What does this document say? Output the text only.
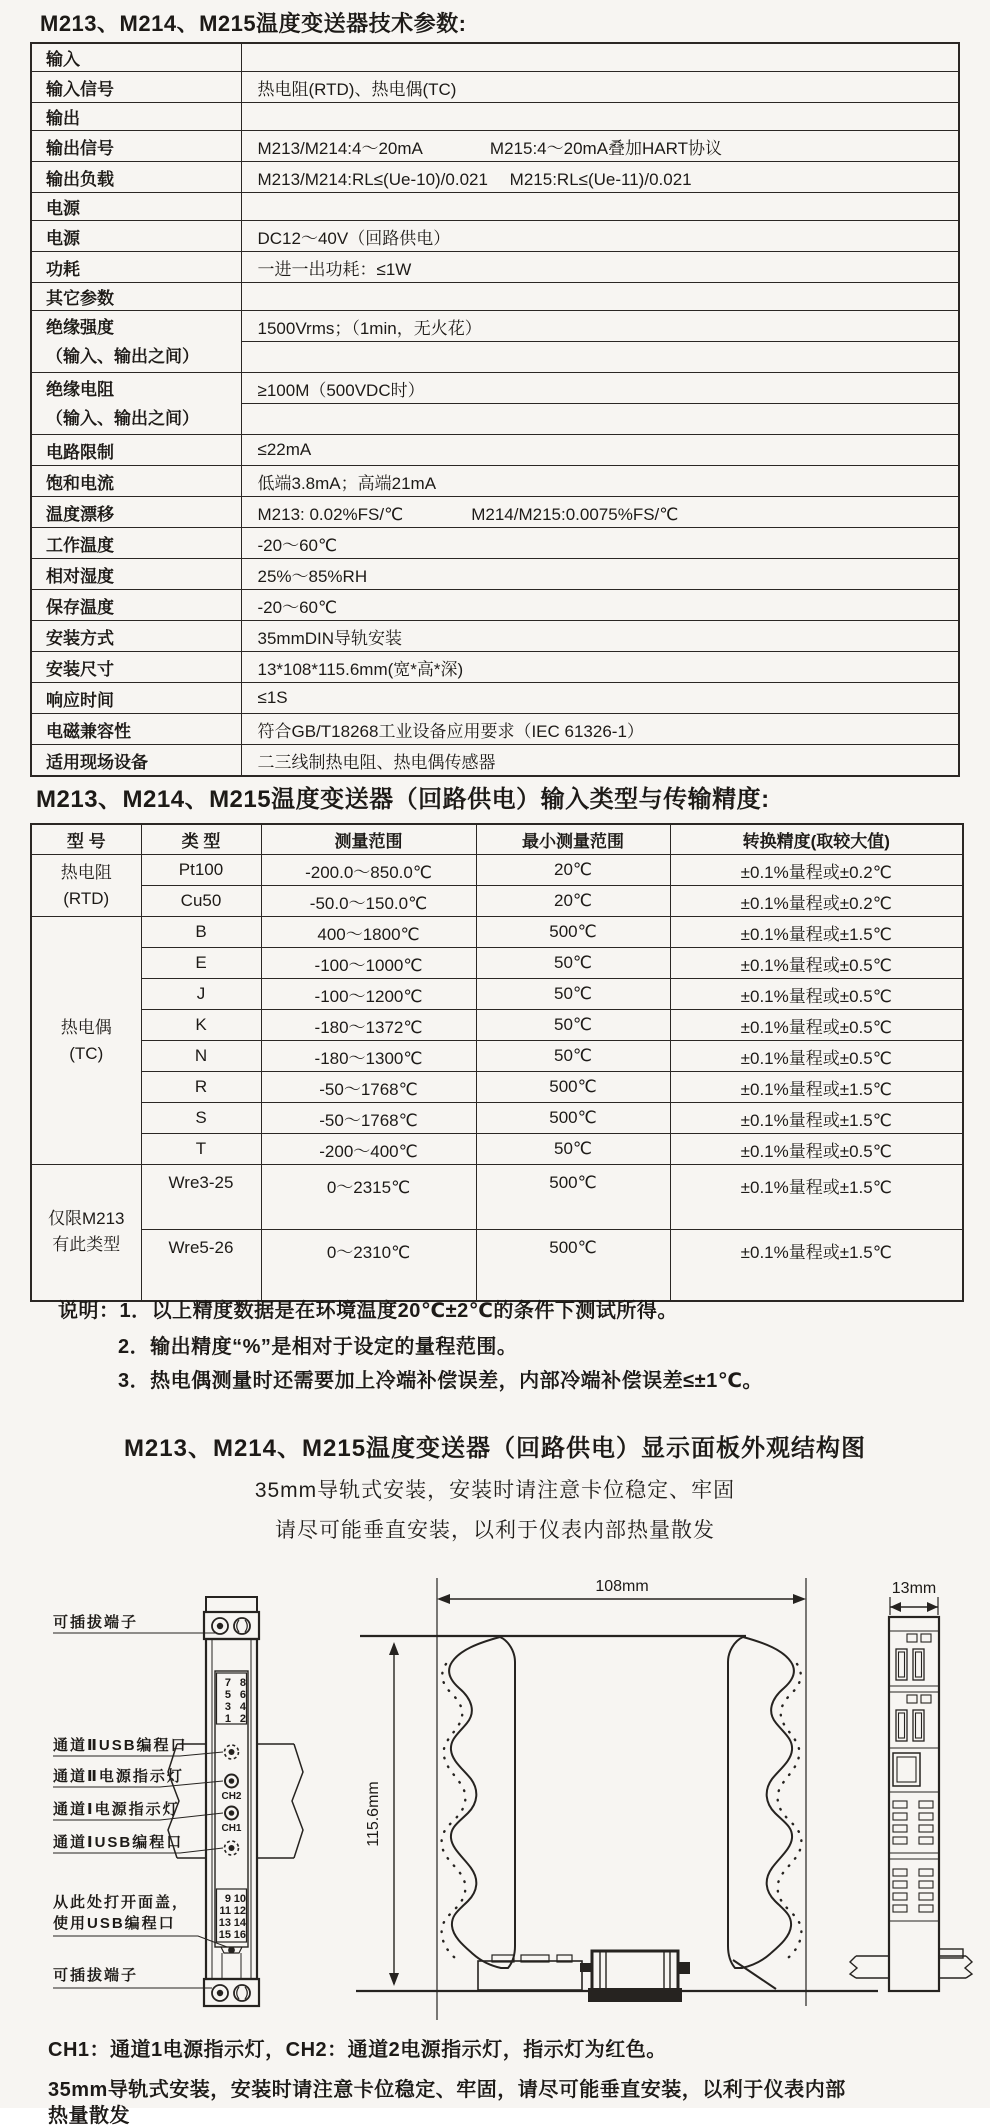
M213、M214、M215温度变送器技术参数:
输入	
输入信号	热电阻(RTD)、热电偶(TC)
输出	
输出信号	M213/M214:4～20mA　　　　M215:4～20mA叠加HART协议
输出负载	M213/M214:RL≤(Ue-10)/0.021　 M215:RL≤(Ue-11)/0.021
电源	
电源	DC12～40V（回路供电）
功耗	一进一出功耗：≤1W
其它参数	

绝缘强度
（输入、输出之间）	1500Vrms；（1min，无火花）

绝缘电阻
（输入、输出之间）	≥100M（500VDC时）

电路限制	≤22mA
饱和电流	低端3.8mA；高端21mA
温度漂移	M213: 0.02%FS/℃　　　　M214/M215:0.0075%FS/℃
工作温度	-20～60℃
相对湿度	25%～85%RH
保存温度	-20～60℃
安装方式	35mmDIN导轨安装
安装尺寸	13*108*115.6mm(宽*高*深)
响应时间	≤1S
电磁兼容性	符合GB/T18268工业设备应用要求（IEC 61326-1）
适用现场设备	二三线制热电阻、热电偶传感器
M213、M214、M215温度变送器（回路供电）输入类型与传输精度:
型 号	类 型	测量范围	最小测量范围	转换精度(取较大值)

热电阻
(RTD)	Pt100	-200.0～850.0℃	20℃	±0.1%量程或±0.2℃
	Cu50	-50.0～150.0℃	20℃	±0.1%量程或±0.2℃

热电偶
(TC)	B	400～1800℃	500℃	±0.1%量程或±1.5℃
	E	-100～1000℃	50℃	±0.1%量程或±0.5℃
	J	-100～1200℃	50℃	±0.1%量程或±0.5℃
	K	-180～1372℃	50℃	±0.1%量程或±0.5℃
	N	-180～1300℃	50℃	±0.1%量程或±0.5℃
	R	-50～1768℃	500℃	±0.1%量程或±1.5℃
	S	-50～1768℃	500℃	±0.1%量程或±1.5℃
	T	-200～400℃	50℃	±0.1%量程或±0.5℃

仅限M213
有此类型	Wre3-25	0～2315℃	500℃	±0.1%量程或±1.5℃
	Wre5-26	0～2310℃	500℃	±0.1%量程或±1.5℃
说明：1．以上精度数据是在环境温度20℃±2℃的条件下测试所得。
2．输出精度“%”是相对于设定的量程范围。
3．热电偶测量时还需要加上冷端补偿误差，内部冷端补偿误差≤±1℃。
M213、M214、M215温度变送器（回路供电）显示面板外观结构图
35mm导轨式安装，安装时请注意卡位稳定、牢固
请尽可能垂直安装，以利于仪表内部热量散发
可插拔端子
通道ⅡUSB编程口
通道Ⅱ电源指示灯
通道Ⅰ电源指示灯
通道ⅠUSB编程口
从此处打开面盖，
使用USB编程口
可插拔端子
7 8
5 6
3 4
1 2
CH2
CH1
9 10
11 12
13 14
15 16
108mm
115.6mm
13mm
CH1：通道1电源指示灯，CH2：通道2电源指示灯，指示灯为红色。
35mm导轨式安装，安装时请注意卡位稳定、牢固，请尽可能垂直安装，以利于仪表内部
热量散发
